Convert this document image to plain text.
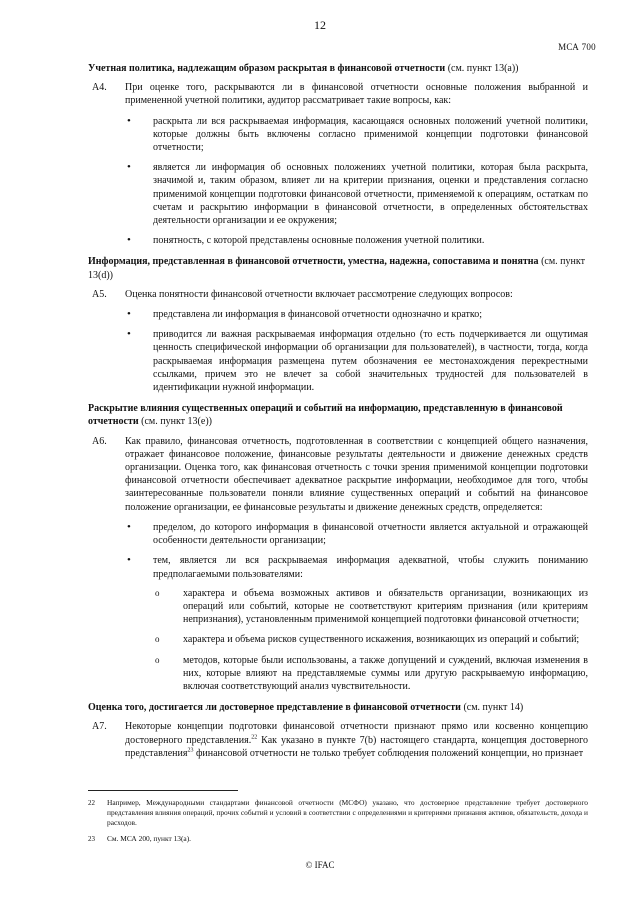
12
МСА 700

Учетная политика, надлежащим образом раскрытая в финансовой отчетности (см. пункт 13(a))

A4. При оценке того, раскрываются ли в финансовой отчетности основные положения выбранной и примененной учетной политики, аудитор рассматривает такие вопросы, как:
• раскрыта ли вся раскрываемая информация, касающаяся основных положений учетной политики, которые должны быть включены согласно применимой концепции подготовки финансовой отчетности;
• является ли информация об основных положениях учетной политики, которая была раскрыта, значимой и, таким образом, влияет ли на критерии признания, оценки и представления согласно применимой концепции подготовки финансовой отчетности, применяемой к операциям, остаткам по счетам и раскрытию информации в финансовой отчетности, в определенных обстоятельствах деятельности организации и ее окружения;
• понятность, с которой представлены основные положения учетной политики.

Информация, представленная в финансовой отчетности, уместна, надежна, сопоставима и понятна (см. пункт 13(d))

A5. Оценка понятности финансовой отчетности включает рассмотрение следующих вопросов:
• представлена ли информация в финансовой отчетности однозначно и кратко;
• приводится ли важная раскрываемая информация отдельно (то есть подчеркивается ли ощутимая ценность специфической информации об организации для пользователей), в частности, тогда, когда раскрываемая информация размещена путем обозначения ее местонахождения перекрестными ссылками, причем это не влечет за собой значительных трудностей для пользователей в идентификации нужной информации.

Раскрытие влияния существенных операций и событий на информацию, представленную в финансовой отчетности (см. пункт 13(e))

A6. Как правило, финансовая отчетность, подготовленная в соответствии с концепцией общего назначения, отражает финансовое положение, финансовые результаты деятельности и движение денежных средств организации. Оценка того, как финансовая отчетность с точки зрения применимой концепции подготовки финансовой отчетности обеспечивает адекватное раскрытие информации, необходимое для того, чтобы заинтересованные пользователи поняли влияние существенных операций и событий на финансовое положение организации, ее финансовые результаты и движение денежных средств, определяется:
• пределом, до которого информация в финансовой отчетности является актуальной и отражающей особенности деятельности организации;
• тем, является ли вся раскрываемая информация адекватной, чтобы служить пониманию предполагаемыми пользователями:
o характера и объема возможных активов и обязательств организации, возникающих из операций или событий, которые не соответствуют критериям признания (или критериям непризнания), установленным применимой концепцией подготовки финансовой отчетности;
o характера и объема рисков существенного искажения, возникающих из операций и событий;
o методов, которые были использованы, а также допущений и суждений, включая изменения в них, которые влияют на представляемые суммы или другую раскрываемую информацию, включая соответствующий анализ чувствительности.

Оценка того, достигается ли достоверное представление в финансовой отчетности (см. пункт 14)

A7. Некоторые концепции подготовки финансовой отчетности признают прямо или косвенно концепцию достоверного представления.$^{22}$ Как указано в пункте 7(b) настоящего стандарта, концепция достоверного представления$^{23}$ финансовой отчетности не только требует соблюдения положений концепции, но признает
22 Например, Международными стандартами финансовой отчетности (МСФО) указано, что достоверное представление требует достоверного представления влияния операций, прочих событий и условий в соответствии с определениями и критериями признания активов, обязательств, дохода и расходов.
23 См. МСА 200, пункт 13(a).
© IFAC
